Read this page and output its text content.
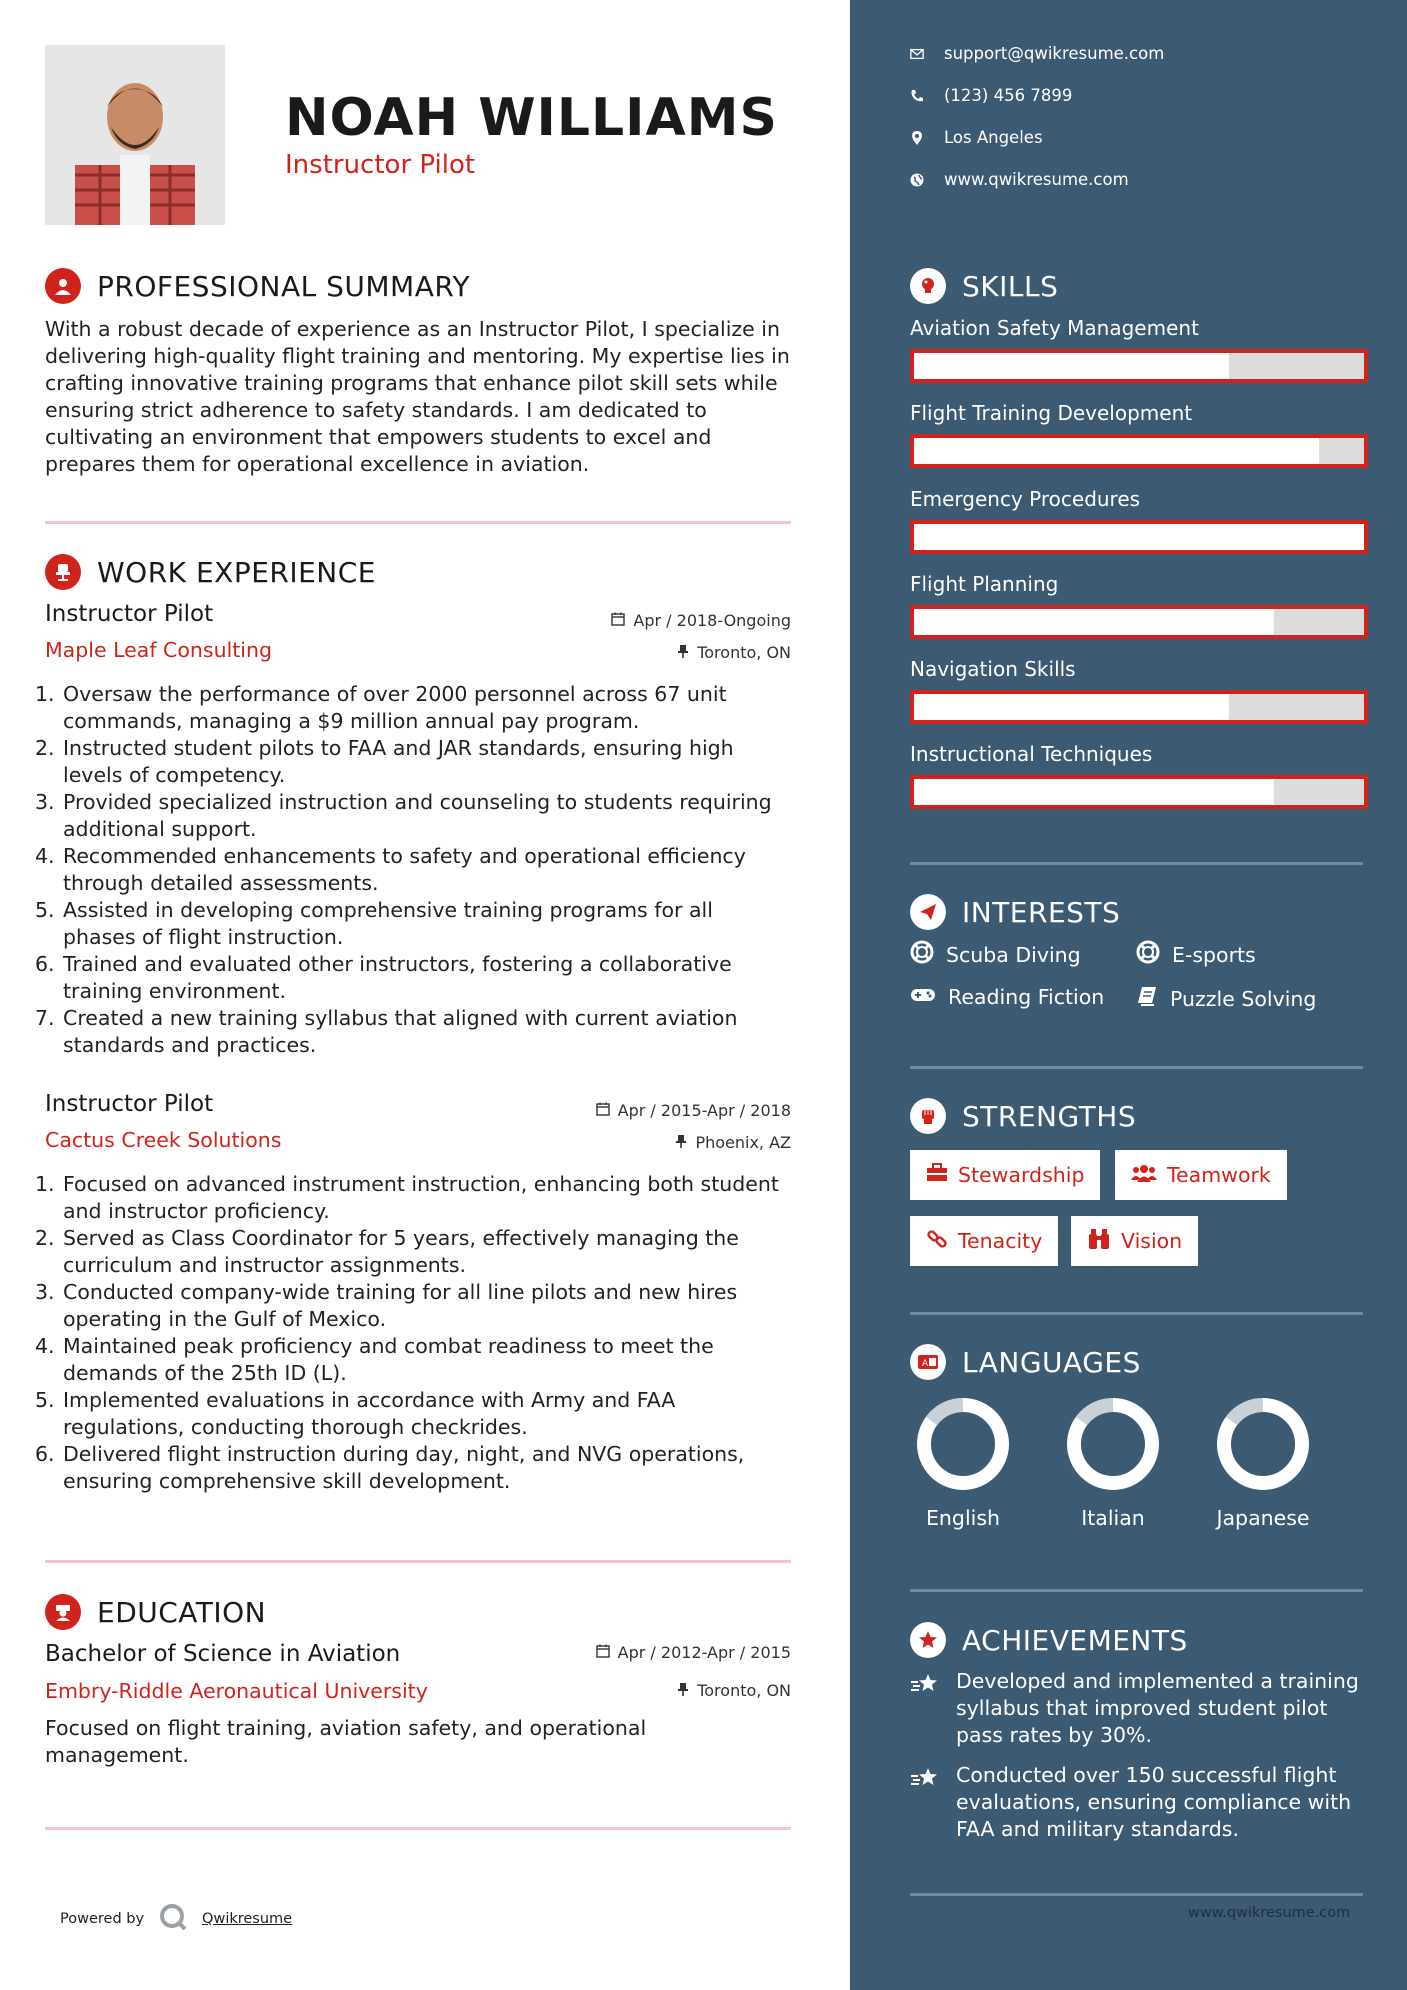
NOAH WILLIAMS
Instructor Pilot
PROFESSIONAL SUMMARY
With a robust decade of experience as an Instructor Pilot, I specialize in delivering high-quality flight training and mentoring. My expertise lies in crafting innovative training programs that enhance pilot skill sets while ensuring strict adherence to safety standards. I am dedicated to cultivating an environment that empowers students to excel and prepares them for operational excellence in aviation.
WORK EXPERIENCE
Instructor Pilot	Apr / 2018-Ongoing
Maple Leaf Consulting	Toronto, ON
1. Oversaw the performance of over 2000 personnel across 67 unit commands, managing a $9 million annual pay program.
2. Instructed student pilots to FAA and JAR standards, ensuring high levels of competency.
3. Provided specialized instruction and counseling to students requiring additional support.
4. Recommended enhancements to safety and operational efficiency through detailed assessments.
5. Assisted in developing comprehensive training programs for all phases of flight instruction.
6. Trained and evaluated other instructors, fostering a collaborative training environment.
7. Created a new training syllabus that aligned with current aviation standards and practices.
Instructor Pilot	Apr / 2015-Apr / 2018
Cactus Creek Solutions	Phoenix, AZ
1. Focused on advanced instrument instruction, enhancing both student and instructor proficiency.
2. Served as Class Coordinator for 5 years, effectively managing the curriculum and instructor assignments.
3. Conducted company-wide training for all line pilots and new hires operating in the Gulf of Mexico.
4. Maintained peak proficiency and combat readiness to meet the demands of the 25th ID (L).
5. Implemented evaluations in accordance with Army and FAA regulations, conducting thorough checkrides.
6. Delivered flight instruction during day, night, and NVG operations, ensuring comprehensive skill development.
EDUCATION
Bachelor of Science in Aviation	Apr / 2012-Apr / 2015
Embry-Riddle Aeronautical University	Toronto, ON
Focused on flight training, aviation safety, and operational management.
Powered by	Qwikresume
support@qwikresume.com
(123) 456 7899
Los Angeles
www.qwikresume.com
SKILLS
Aviation Safety Management
Flight Training Development
Emergency Procedures
Flight Planning
Navigation Skills
Instructional Techniques
INTERESTS
Scuba Diving	E-sports
Reading Fiction	Puzzle Solving
STRENGTHS
Stewardship	Teamwork
Tenacity	Vision
A LANGUAGES
English	Italian	Japanese
ACHIEVEMENTS
Developed and implemented a training syllabus that improved student pilot pass rates by 30%.
Conducted over 150 successful flight evaluations, ensuring compliance with FAA and military standards.
www.qwikresume.com
